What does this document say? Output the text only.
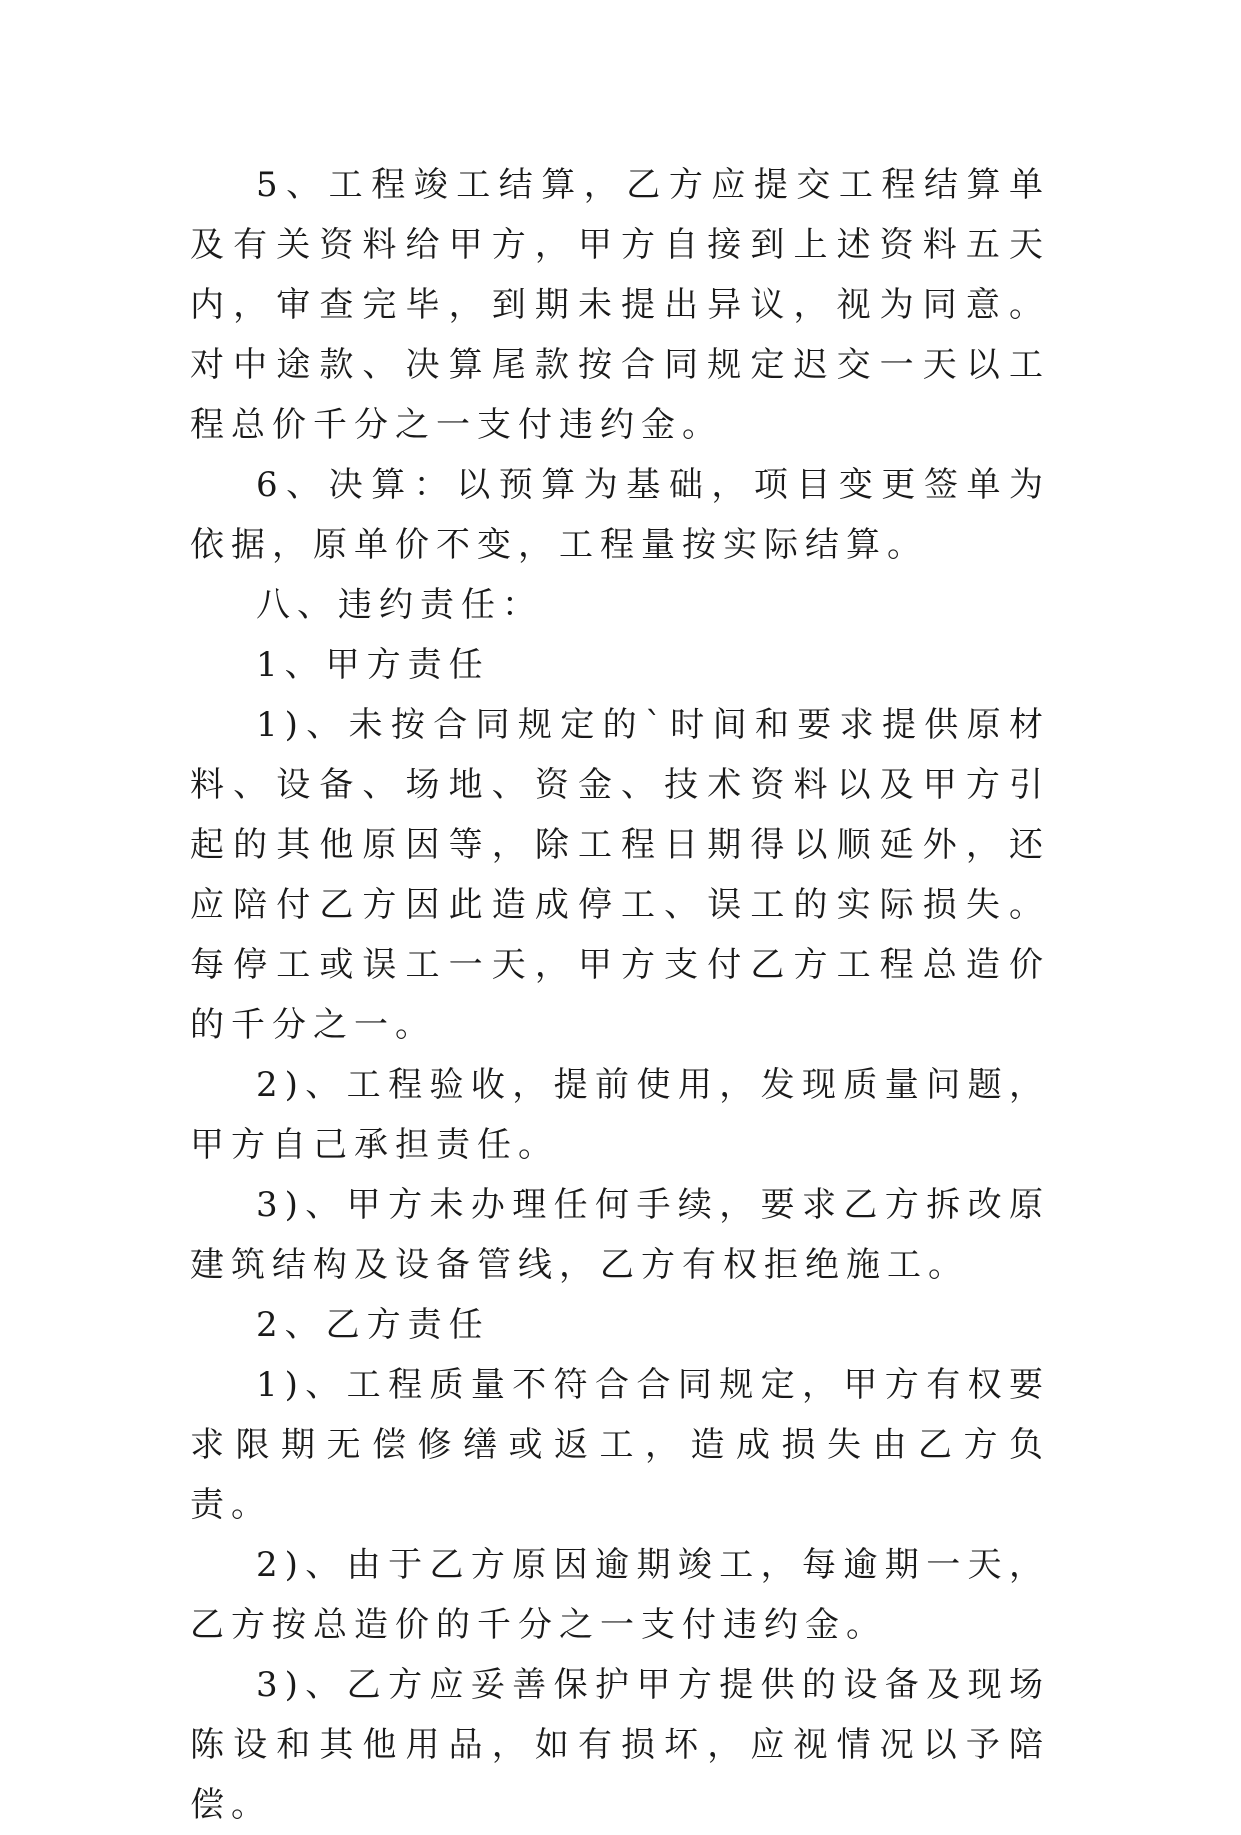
5、工程竣工结算，乙方应提交工程结算单及有关资料给甲方，甲方自接到上述资料五天内，审查完毕，到期未提出异议，视为同意。对中途款、决算尾款按合同规定迟交一天以工程总价千分之一支付违约金。

6、决算：以预算为基础，项目变更签单为依据，原单价不变，工程量按实际结算。

八、违约责任：

1、甲方责任

1)、未按合同规定的`时间和要求提供原材料、设备、场地、资金、技术资料以及甲方引起的其他原因等，除工程日期得以顺延外，还应陪付乙方因此造成停工、误工的实际损失。每停工或误工一天，甲方支付乙方工程总造价的千分之一。

2)、工程验收，提前使用，发现质量问题，甲方自己承担责任。

3)、甲方未办理任何手续，要求乙方拆改原建筑结构及设备管线，乙方有权拒绝施工。

2、乙方责任

1)、工程质量不符合合同规定，甲方有权要求限期无偿修缮或返工，造成损失由乙方负责。

2)、由于乙方原因逾期竣工，每逾期一天，乙方按总造价的千分之一支付违约金。

3)、乙方应妥善保护甲方提供的设备及现场陈设和其他用品，如有损坏，应视情况以予陪偿。
